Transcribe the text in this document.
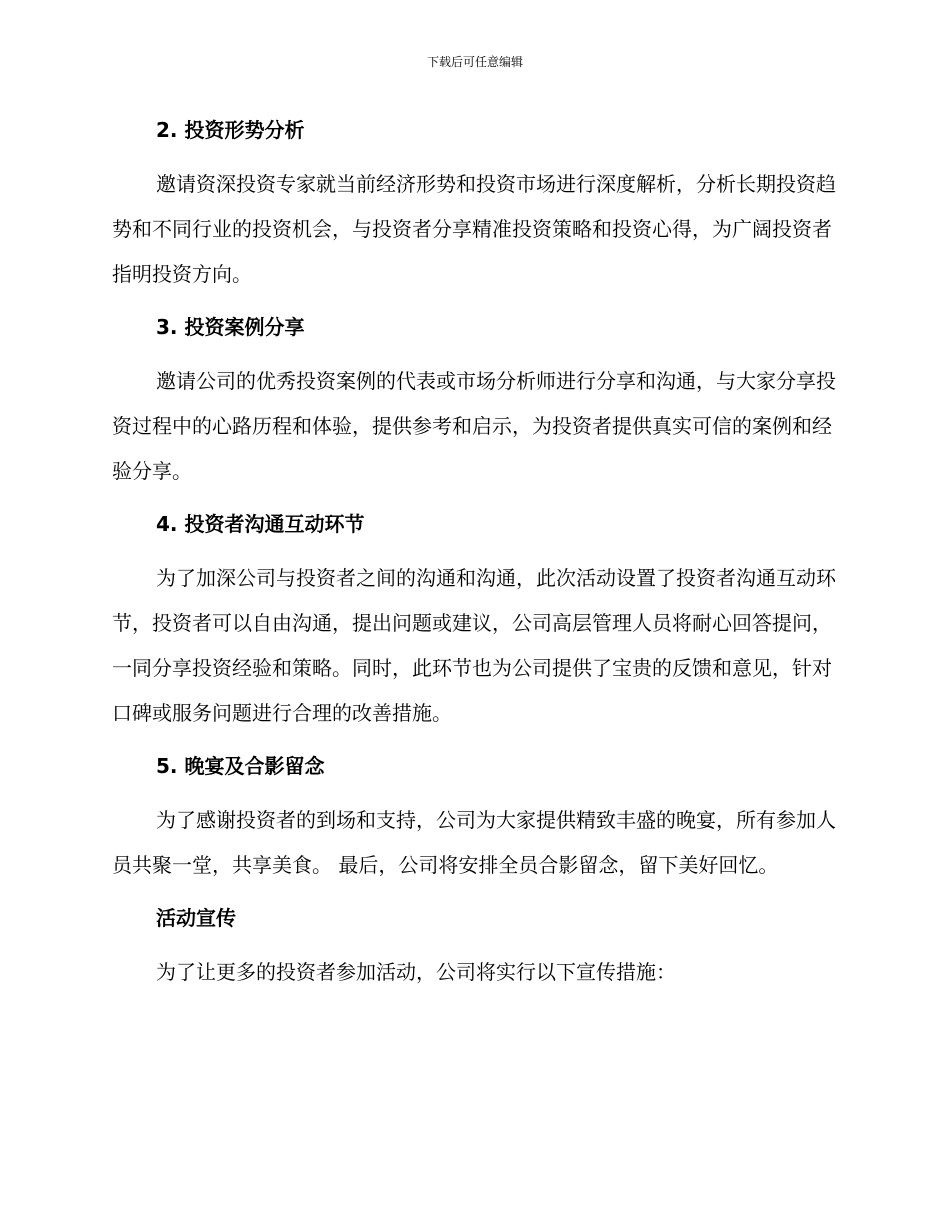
下载后可任意编辑
2. 投资形势分析

邀请资深投资专家就当前经济形势和投资市场进行深度解析，分析长期投资趋势和不同行业的投资机会，与投资者分享精准投资策略和投资心得，为广阔投资者指明投资方向。

3. 投资案例分享

邀请公司的优秀投资案例的代表或市场分析师进行分享和沟通，与大家分享投资过程中的心路历程和体验，提供参考和启示，为投资者提供真实可信的案例和经验分享。

4. 投资者沟通互动环节

为了加深公司与投资者之间的沟通和沟通，此次活动设置了投资者沟通互动环节，投资者可以自由沟通，提出问题或建议，公司高层管理人员将耐心回答提问，一同分享投资经验和策略。同时，此环节也为公司提供了宝贵的反馈和意见，针对口碑或服务问题进行合理的改善措施。

5. 晚宴及合影留念

为了感谢投资者的到场和支持，公司为大家提供精致丰盛的晚宴，所有参加人员共聚一堂，共享美食。 最后，公司将安排全员合影留念，留下美好回忆。

活动宣传

为了让更多的投资者参加活动，公司将实行以下宣传措施：
